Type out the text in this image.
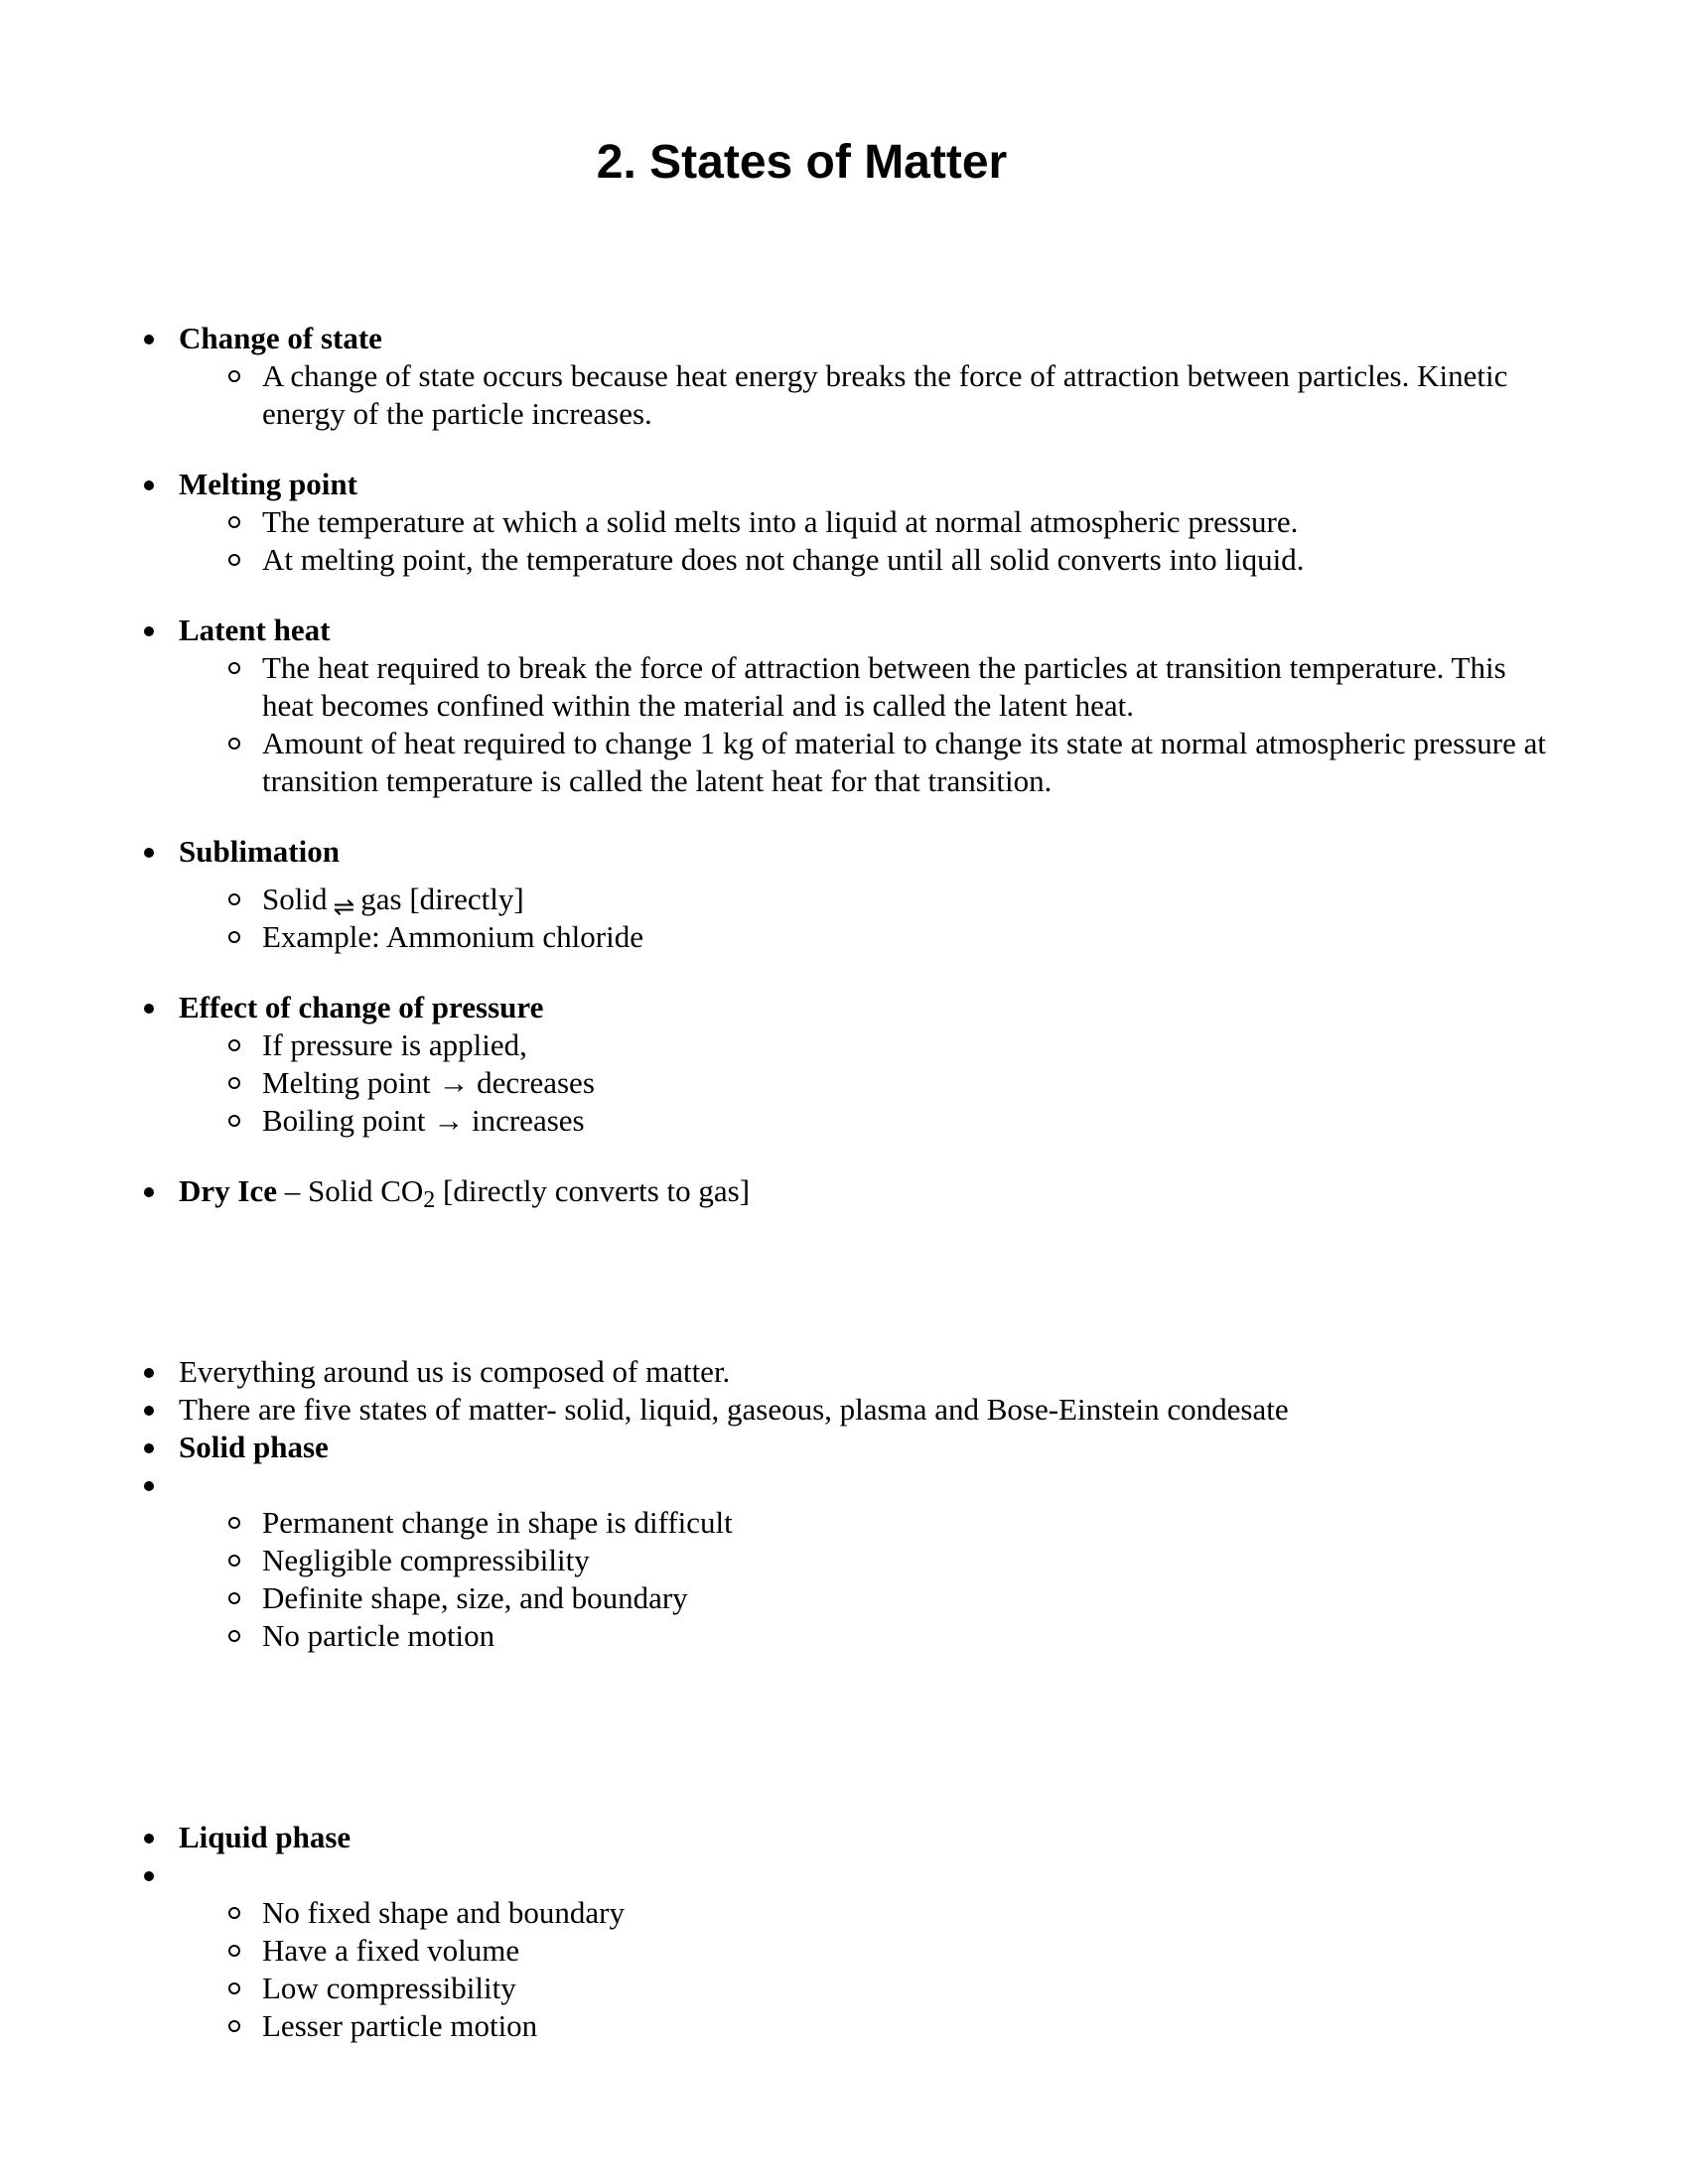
2. States of Matter
Change of state
A change of state occurs because heat energy breaks the force of attraction between particles. Kinetic energy of the particle increases.
Melting point
The temperature at which a solid melts into a liquid at normal atmospheric pressure.
At melting point, the temperature does not change until all solid converts into liquid.
Latent heat
The heat required to break the force of attraction between the particles at transition temperature. This heat becomes confined within the material and is called the latent heat.
Amount of heat required to change 1 kg of material to change its state at normal atmospheric pressure at transition temperature is called the latent heat for that transition.
Sublimation
Solid ⇌ gas [directly]
Example: Ammonium chloride
Effect of change of pressure
If pressure is applied,
Melting point → decreases
Boiling point → increases
Dry Ice – Solid $CO_2$ [directly converts to gas]
Everything around us is composed of matter.
There are five states of matter- solid, liquid, gaseous, plasma and Bose-Einstein condesate
Solid phase
Permanent change in shape is difficult
Negligible compressibility
Definite shape, size, and boundary
No particle motion
Liquid phase
No fixed shape and boundary
Have a fixed volume
Low compressibility
Lesser particle motion
